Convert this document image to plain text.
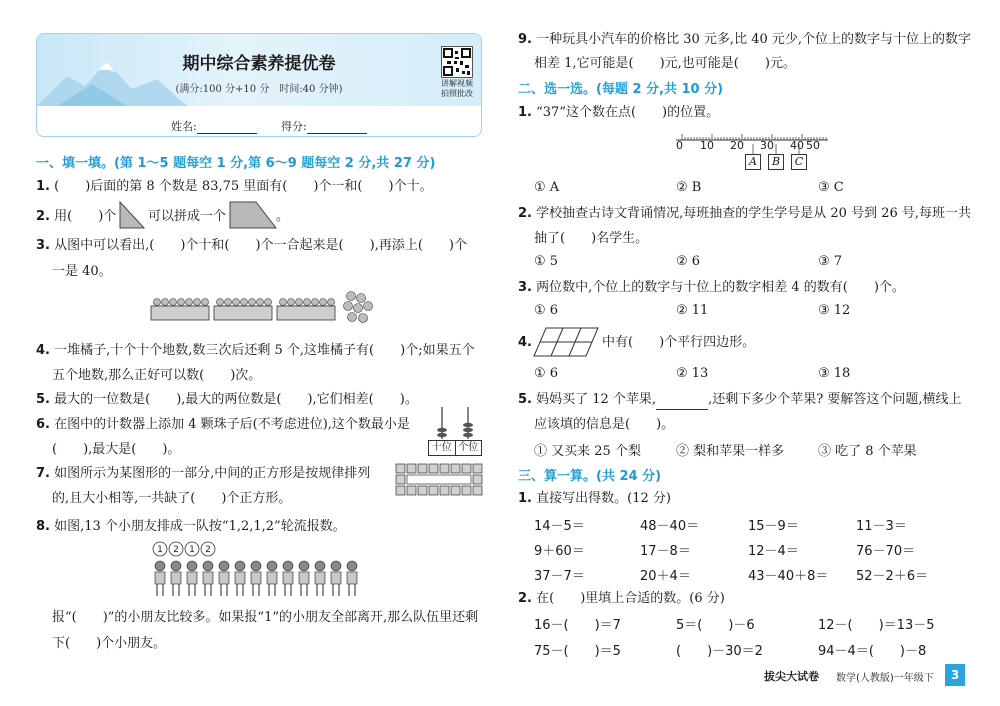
期中综合素养提优卷
(满分:100 分+10 分　时间:40 分钟)
讲解视频
拍照批改
姓名:	得分:
一、填一填。(第 1～5 题每空 1 分,第 6～9 题每空 2 分,共 27 分)
1. (　　)后面的第 8 个数是 83,75 里面有(　　)个一和(　　)个十。
2. 用(　　)个 可以拼成一个	。
3. 从图中可以看出,(　　)个十和(　　)个一合起来是(　　),再添上(　　)个
一是 40。
4. 一堆橘子,十个十个地数,数三次后还剩 5 个,这堆橘子有(　　)个;如果五个
五个地数,那么正好可以数(　　)次。
5. 最大的一位数是(　　),最大的两位数是(　　),它们相差(　　)。
6. 在图中的计数器上添加 4 颗珠子后(不考虑进位),这个数最小是
(　　),最大是(　　)。	十位 个位
7. 如图所示为某图形的一部分,中间的正方形是按规律排列
的,且大小相等,一共缺了(　　)个正方形。
8. 如图,13 个小朋友排成一队按“1,2,1,2”轮流报数。
1 2 1 2
报“(　　)”的小朋友比较多。如果报“1”的小朋友全部离开,那么队伍里还剩
下(　　)个小朋友。
9. 一种玩具小汽车的价格比 30 元多,比 40 元少,个位上的数字与十位上的数字
相差 1,它可能是(　　)元,也可能是(　　)元。
二、选一选。(每题 2 分,共 10 分)
1. “37”这个数在点(　　)的位置。
0 10 20 30 40 50
A	B	C
① A	② B	③ C
2. 学校抽查古诗文背诵情况,每班抽查的学生学号是从 20 号到 26 号,每班一共
抽了(　　)名学生。
① 5	② 6	③ 7
3. 两位数中,个位上的数字与十位上的数字相差 4 的数有(　　)个。
① 6	② 11	③ 12
4.	中有(　　)个平行四边形。
① 6	② 13	③ 18
5. 妈妈买了 12 个苹果,	,还剩下多少个苹果? 要解答这个问题,横线上
应该填的信息是(　　)。
① 又买来 25 个梨	② 梨和苹果一样多	③ 吃了 8 个苹果
三、算一算。(共 24 分)
1. 直接写出得数。(12 分)
14－5＝	48－40＝	15－9＝	11－3＝
9＋60＝	17－8＝	12－4＝	76－70＝
37－7＝	20＋4＝	43－40＋8＝ 52－2＋6＝
2. 在(　　)里填上合适的数。(6 分)
16－(　　)＝7	5＝(　　)－6	12－(　　)＝13－5
75－(　　)＝5	(　　)－30＝2	94－4＝(　　)－8
拔尖大试卷 数学(人教版)一年级下	3
